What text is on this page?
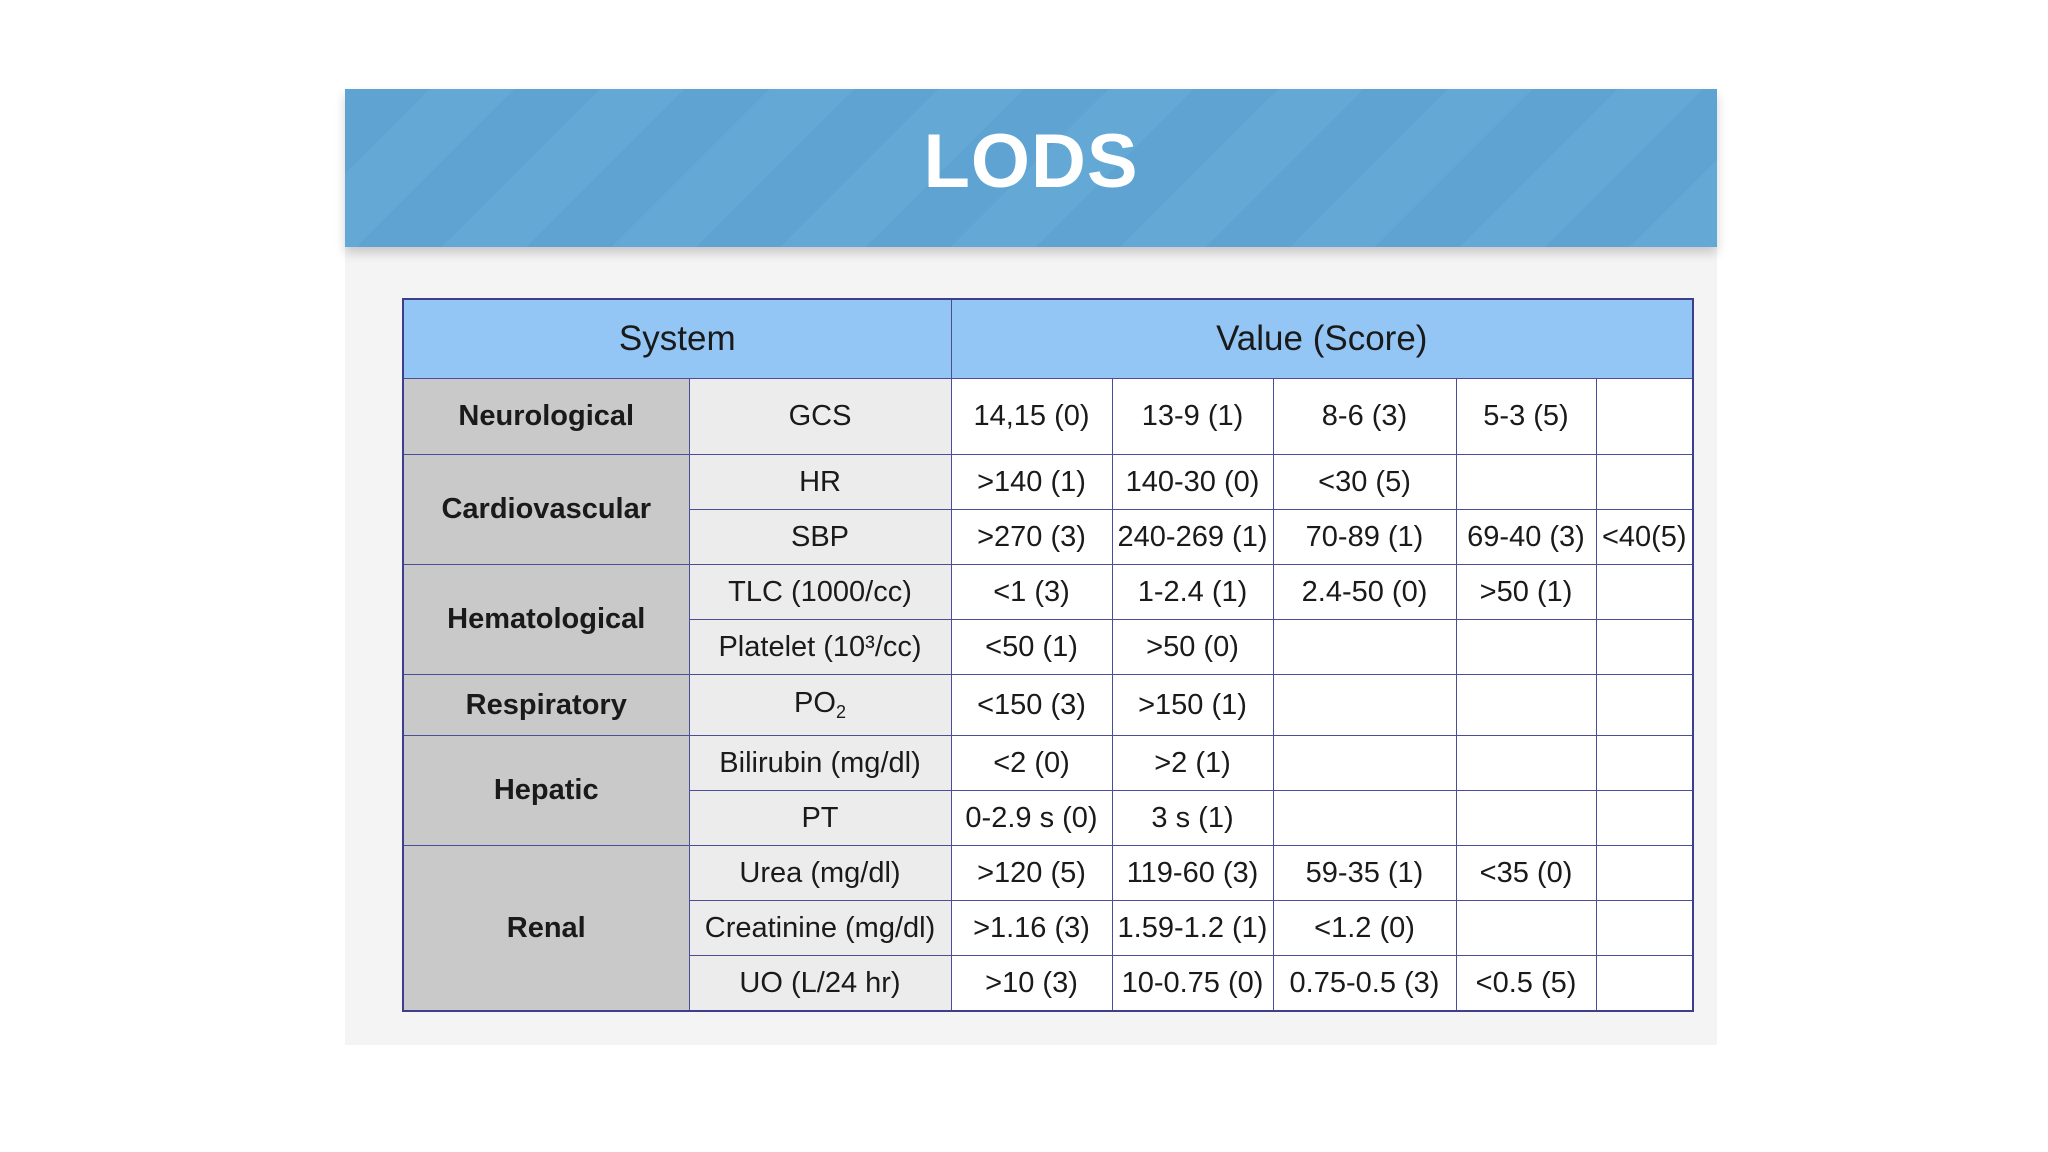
LODS
System		Value (Score)				
Neurological	GCS	14,15 (0)	13-9 (1)	8-6 (3)	5-3 (5)	
Cardiovascular	HR	>140 (1)	140-30 (0)	<30 (5)		
	SBP	>270 (3)	240-269 (1)	70-89 (1)	69-40 (3)	<40(5)
Hematological	TLC (1000/cc)	<1 (3)	1-2.4 (1)	2.4-50 (0)	>50 (1)	
	Platelet (10³/cc)	<50 (1)	>50 (0)			
Respiratory	$PO_2$	<150 (3)	>150 (1)			
Hepatic	Bilirubin (mg/dl)	<2 (0)	>2 (1)			
	PT	0-2.9 s (0)	3 s (1)			
Renal	Urea (mg/dl)	>120 (5)	119-60 (3)	59-35 (1)	<35 (0)	
	Creatinine (mg/dl)	>1.16 (3)	1.59-1.2 (1)	<1.2 (0)		
	UO (L/24 hr)	>10 (3)	10-0.75 (0)	0.75-0.5 (3)	<0.5 (5)	
